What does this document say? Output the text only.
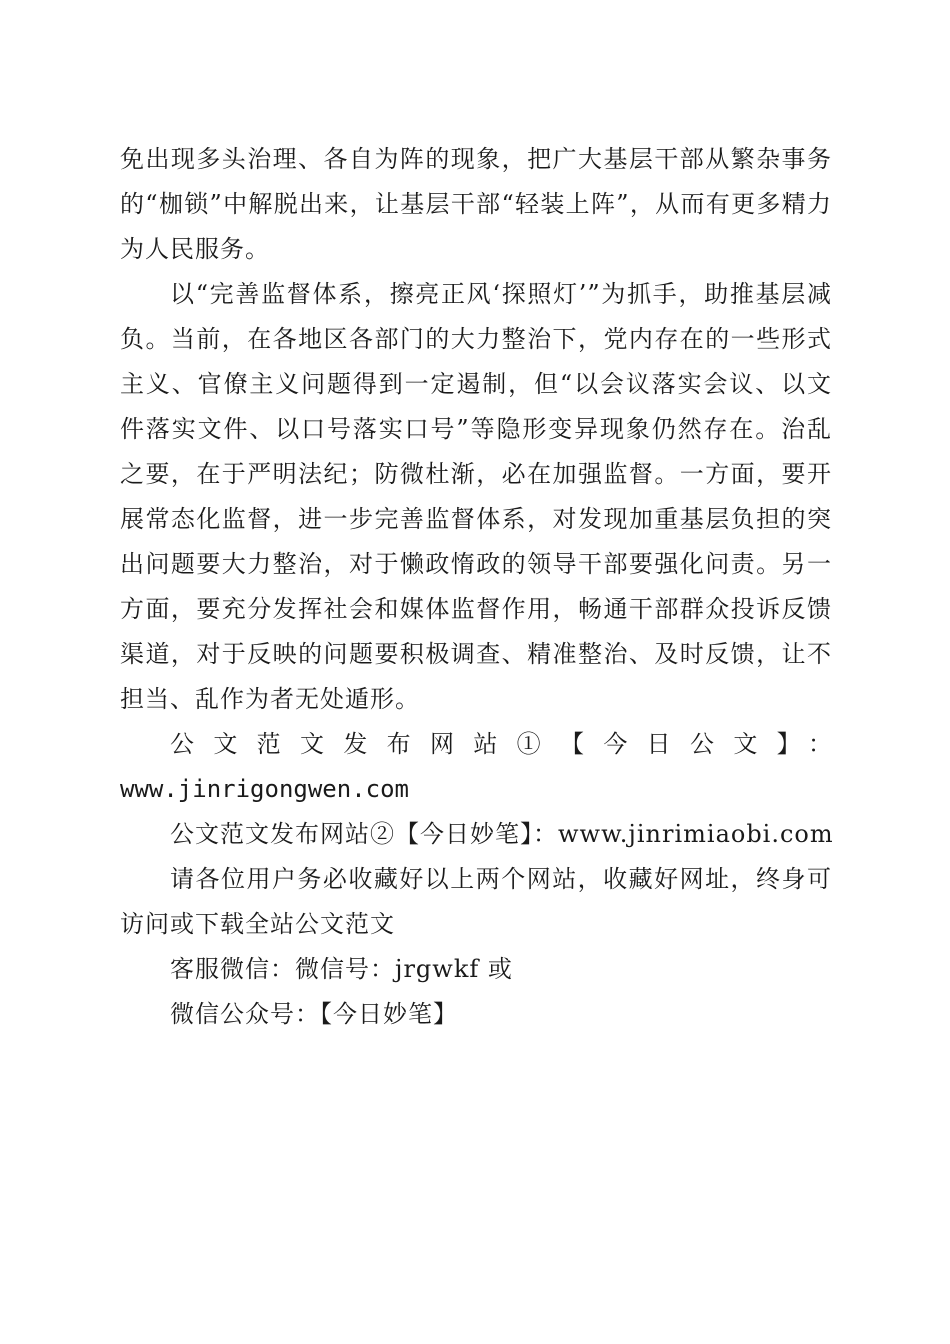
免出现多头治理、各自为阵的现象，把广大基层干部从繁杂事务的“枷锁”中解脱出来，让基层干部“轻装上阵”，从而有更多精力为人民服务。

以“完善监督体系，擦亮正风‘探照灯’”为抓手，助推基层减负。当前，在各地区各部门的大力整治下，党内存在的一些形式主义、官僚主义问题得到一定遏制，但“以会议落实会议、以文件落实文件、以口号落实口号”等隐形变异现象仍然存在。治乱之要，在于严明法纪；防微杜渐，必在加强监督。一方面，要开展常态化监督，进一步完善监督体系，对发现加重基层负担的突出问题要大力整治，对于懒政惰政的领导干部要强化问责。另一方面，要充分发挥社会和媒体监督作用，畅通干部群众投诉反馈渠道，对于反映的问题要积极调查、精准整治、及时反馈，让不担当、乱作为者无处遁形。

公文范文发布网站①【今日公文】：

www.jinrigongwen.com

公文范文发布网站②【今日妙笔】：www.jinrimiaobi.com

请各位用户务必收藏好以上两个网站，收藏好网址，终身可访问或下载全站公文范文

客服微信：微信号：jrgwkf 或

微信公众号：【今日妙笔】
